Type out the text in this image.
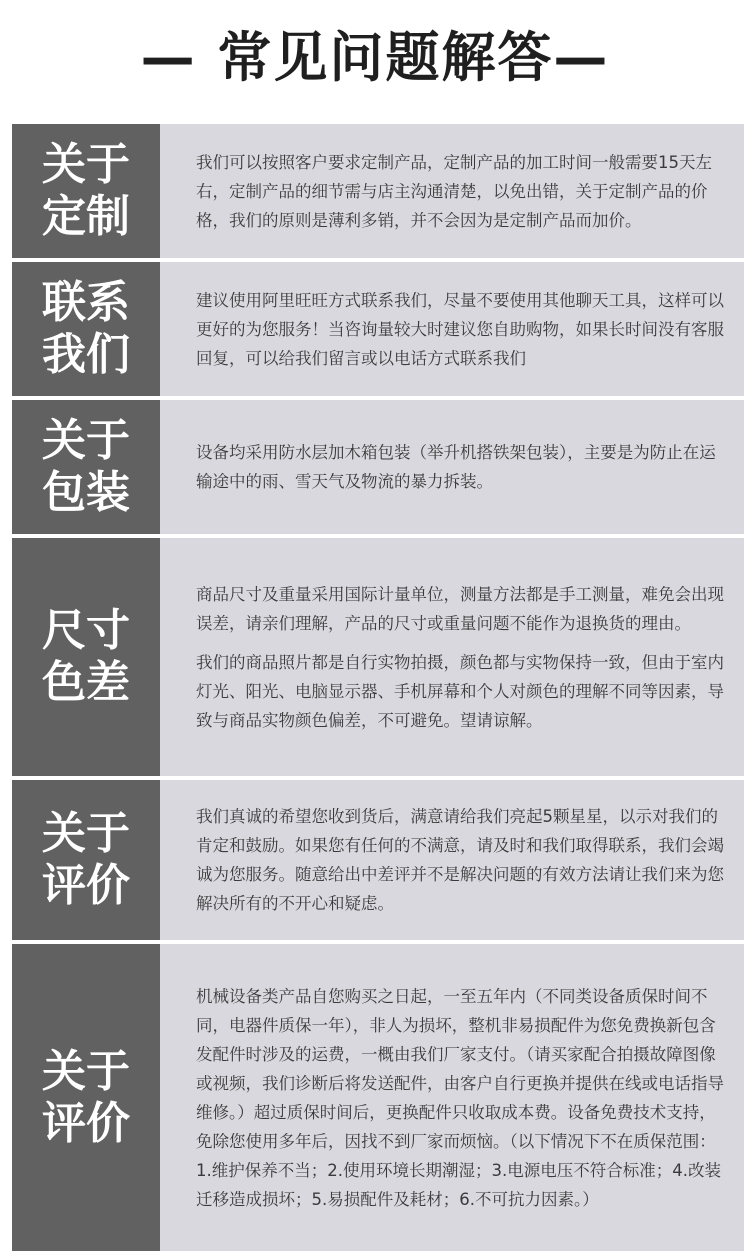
— 常见问题解答—
关于
定制

我们可以按照客户要求定制产品，定制产品的加工时间一般需要15天左右，定制产品的细节需与店主沟通清楚，以免出错，关于定制产品的价格，我们的原则是薄利多销，并不会因为是定制产品而加价。

联系
我们

建议使用阿里旺旺方式联系我们，尽量不要使用其他聊天工具，这样可以更好的为您服务！当咨询量较大时建议您自助购物，如果长时间没有客服回复，可以给我们留言或以电话方式联系我们

关于
包装

设备均采用防水层加木箱包装（举升机搭铁架包装），主要是为防止在运输途中的雨、雪天气及物流的暴力拆装。

尺寸
色差

商品尺寸及重量采用国际计量单位，测量方法都是手工测量，难免会出现误差，请亲们理解，产品的尺寸或重量问题不能作为退换货的理由。

我们的商品照片都是自行实物拍摄，颜色都与实物保持一致，但由于室内灯光、阳光、电脑显示器、手机屏幕和个人对颜色的理解不同等因素，导致与商品实物颜色偏差，不可避免。望请谅解。

关于
评价

我们真诚的希望您收到货后，满意请给我们亮起5颗星星，以示对我们的肯定和鼓励。如果您有任何的不满意，请及时和我们取得联系，我们会竭诚为您服务。随意给出中差评并不是解决问题的有效方法请让我们来为您解决所有的不开心和疑虑。

关于
评价

机械设备类产品自您购买之日起，一至五年内（不同类设备质保时间不同，电器件质保一年），非人为损坏，整机非易损配件为您免费换新包含发配件时涉及的运费，一概由我们厂家支付。（请买家配合拍摄故障图像或视频，我们诊断后将发送配件，由客户自行更换并提供在线或电话指导维修。）超过质保时间后，更换配件只收取成本费。设备免费技术支持，免除您使用多年后，因找不到厂家而烦恼。（以下情况下不在质保范围：1.维护保养不当；2.使用环境长期潮湿；3.电源电压不符合标准；4.改装迁移造成损坏；5.易损配件及耗材；6.不可抗力因素。）
